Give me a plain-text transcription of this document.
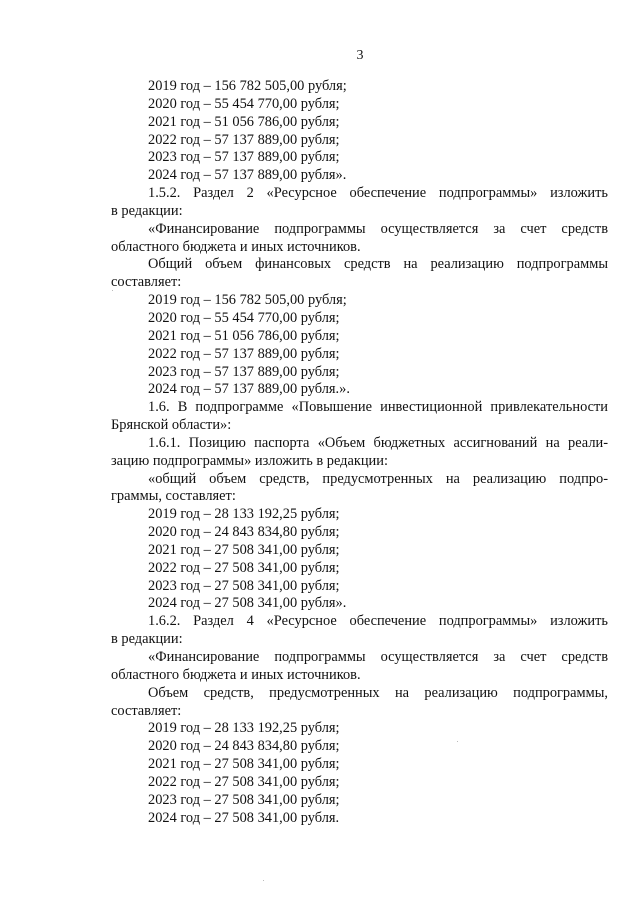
3
2019 год – 156 782 505,00 рубля;
2020 год – 55 454 770,00 рубля;
2021 год – 51 056 786,00 рубля;
2022 год – 57 137 889,00 рубля;
2023 год – 57 137 889,00 рубля;
2024 год – 57 137 889,00 рубля».
1.5.2. Раздел 2 «Ресурсное обеспечение подпрограммы» изложить
в редакции:
«Финансирование подпрограммы осуществляется за счет средств
областного бюджета и иных источников.
Общий объем финансовых средств на реализацию подпрограммы
составляет:
2019 год – 156 782 505,00 рубля;
2020 год – 55 454 770,00 рубля;
2021 год – 51 056 786,00 рубля;
2022 год – 57 137 889,00 рубля;
2023 год – 57 137 889,00 рубля;
2024 год – 57 137 889,00 рубля.».
1.6. В подпрограмме «Повышение инвестиционной привлекательности
Брянской области»:
1.6.1. Позицию паспорта «Объем бюджетных ассигнований на реали-
зацию подпрограммы» изложить в редакции:
«общий объем средств, предусмотренных на реализацию подпро-
граммы, составляет:
2019 год – 28 133 192,25 рубля;
2020 год – 24 843 834,80 рубля;
2021 год – 27 508 341,00 рубля;
2022 год – 27 508 341,00 рубля;
2023 год – 27 508 341,00 рубля;
2024 год – 27 508 341,00 рубля».
1.6.2. Раздел 4 «Ресурсное обеспечение подпрограммы» изложить
в редакции:
«Финансирование подпрограммы осуществляется за счет средств
областного бюджета и иных источников.
Объем средств, предусмотренных на реализацию подпрограммы,
составляет:
2019 год – 28 133 192,25 рубля;
2020 год – 24 843 834,80 рубля;
2021 год – 27 508 341,00 рубля;
2022 год – 27 508 341,00 рубля;
2023 год – 27 508 341,00 рубля;
2024 год – 27 508 341,00 рубля.
